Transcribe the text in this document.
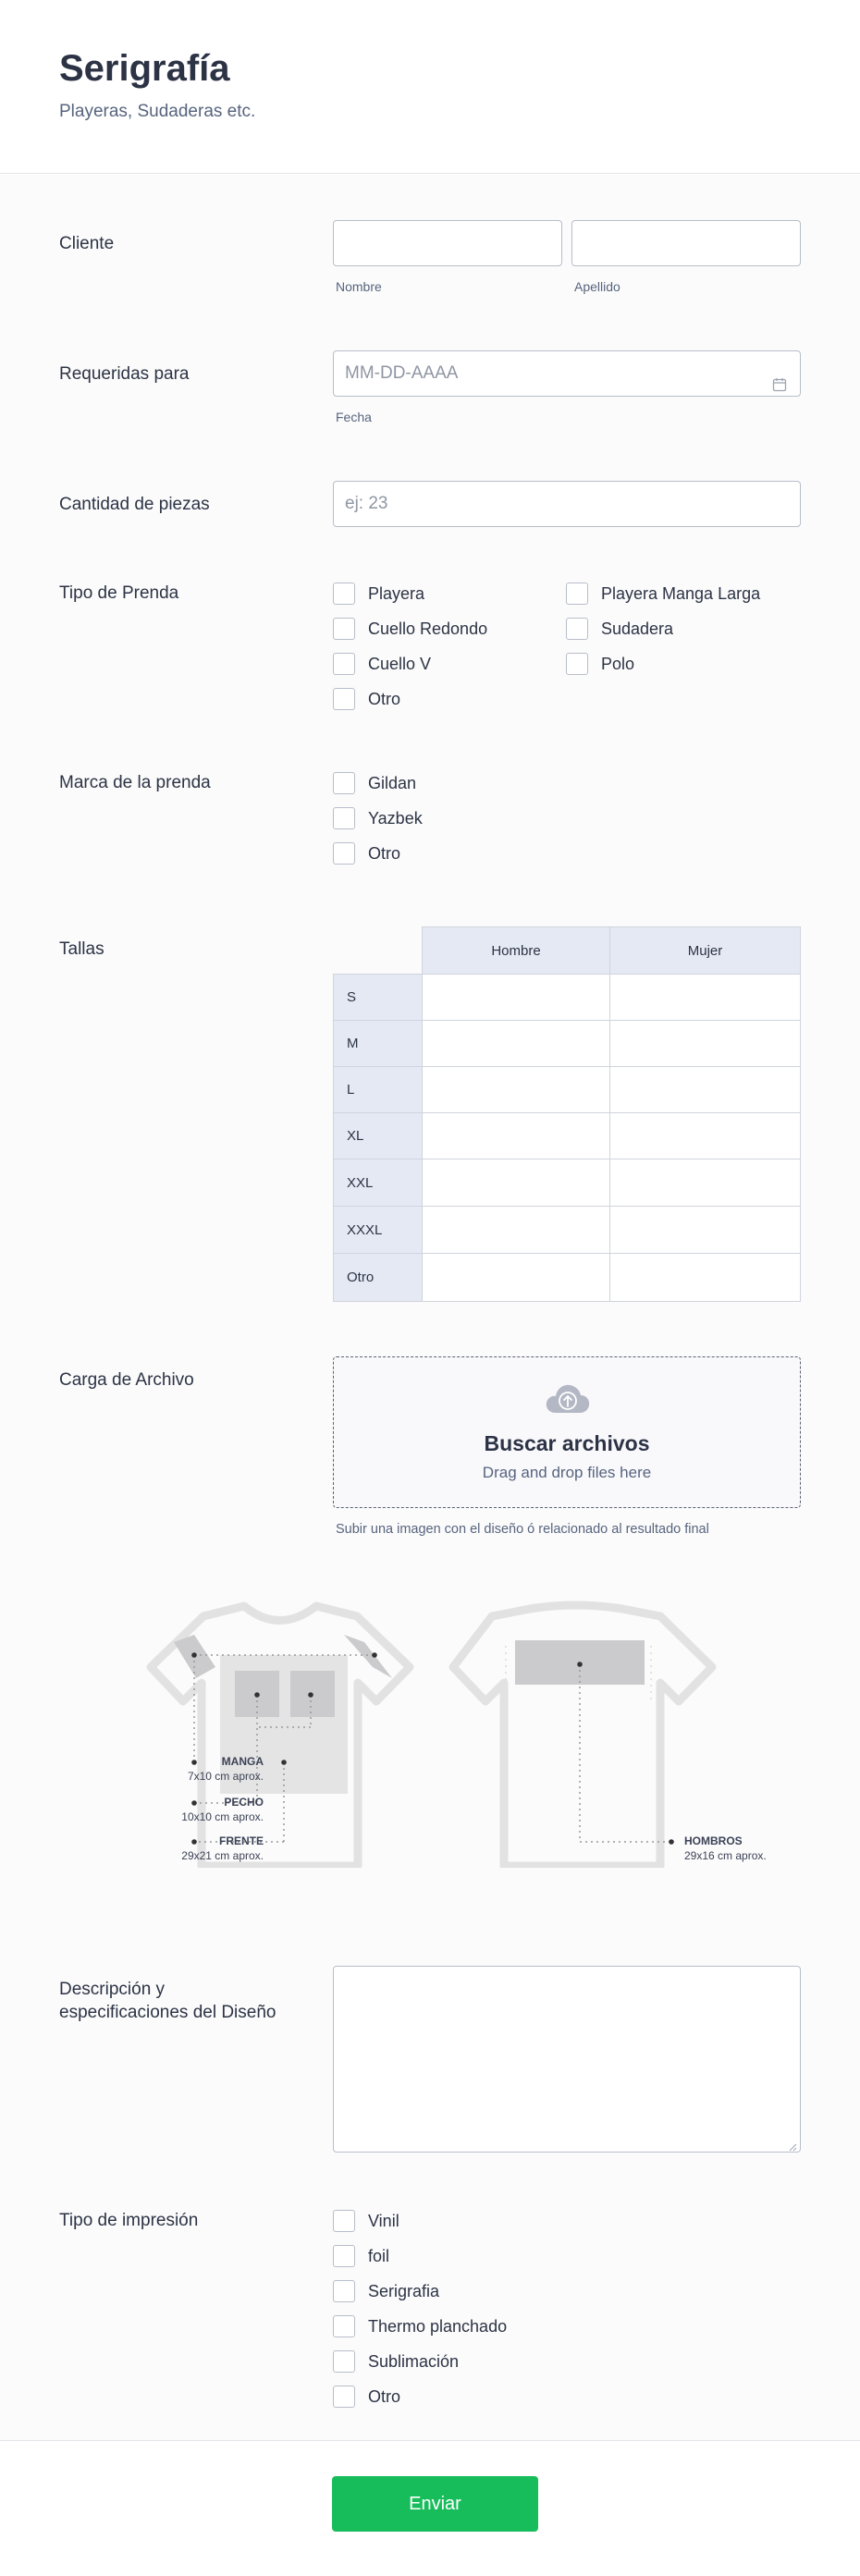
Serigrafía
Playeras, Sudaderas etc.
Cliente
Nombre	Apellido
Requeridas para	MM-DD-AAAA
Fecha
Cantidad de piezas	ej: 23
Tipo de Prenda	Playera	Playera Manga Larga
Cuello Redondo	Sudadera
Cuello V	Polo
Otro
Marca de la prenda	Gildan
Yazbek
Otro
Tallas	Hombre	Mujer
S
M
L
XL
XXL
XXXL
Otro
Carga de Archivo
Buscar archivos
Drag and drop files here
Subir una imagen con el diseño ó relacionado al resultado final
MANGA
7x10 cm aprox.
PECHO
10x10 cm aprox.
FRENTE
29x21 cm aprox.
HOMBROS
29x16 cm aprox.
Descripción y
especificaciones del Diseño
Tipo de impresión	Vinil
foil
Serigrafia
Thermo planchado
Sublimación
Otro
Enviar
